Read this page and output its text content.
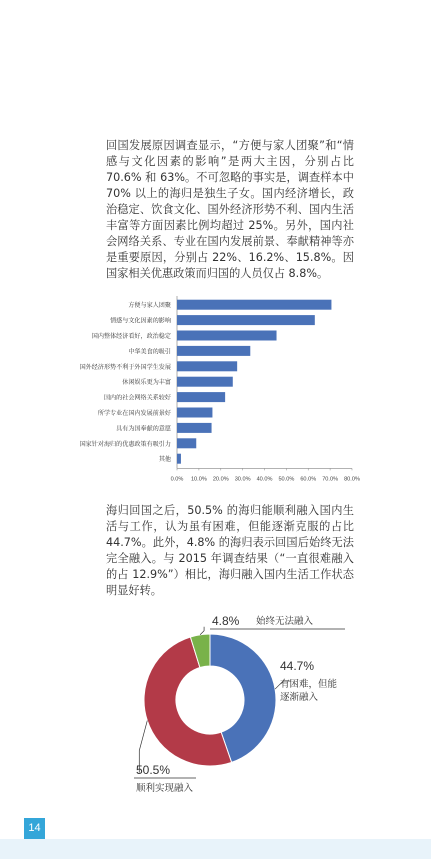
回国发展原因调查显示，“方便与家人团聚”和“情感与文化因素的影响”是两大主因，分别占比 70.6% 和 63%。不可忽略的事实是，调查样本中 70% 以上的海归是独生子女。国内经济增长，政治稳定、饮食文化、国外经济形势不利、国内生活丰富等方面因素比例均超过 25%。另外，国内社会网络关系、专业在国内发展前景、奉献精神等亦是重要原因，分别占 22%、16.2%、15.8%。因国家相关优惠政策而归国的人员仅占 8.8%。

方便与家人团聚
情感与文化因素的影响
国内整体经济看好，政治稳定
中华美食的吸引
国外经济形势不利于外国学生发展
休闲娱乐更为丰富
国内的社会网络关系较好
所学专业在国内发展前景好
具有为国奉献的意愿
国家针对海归的优惠政策有吸引力
其他
0.0% 10.0% 20.0% 30.0% 40.0% 50.0% 60.0% 70.0% 80.0%

海归回国之后，50.5% 的海归能顺利融入国内生活与工作，认为虽有困难，但能逐渐克服的占比 44.7%。此外，4.8% 的海归表示回国后始终无法完全融入。与 2015 年调查结果（“一直很难融入的占 12.9%”）相比，海归融入国内生活工作状态明显好转。

44.7%
有困难，但能
逐渐融入
50.5%
顺利实现融入
4.8% 始终无法融入
14
